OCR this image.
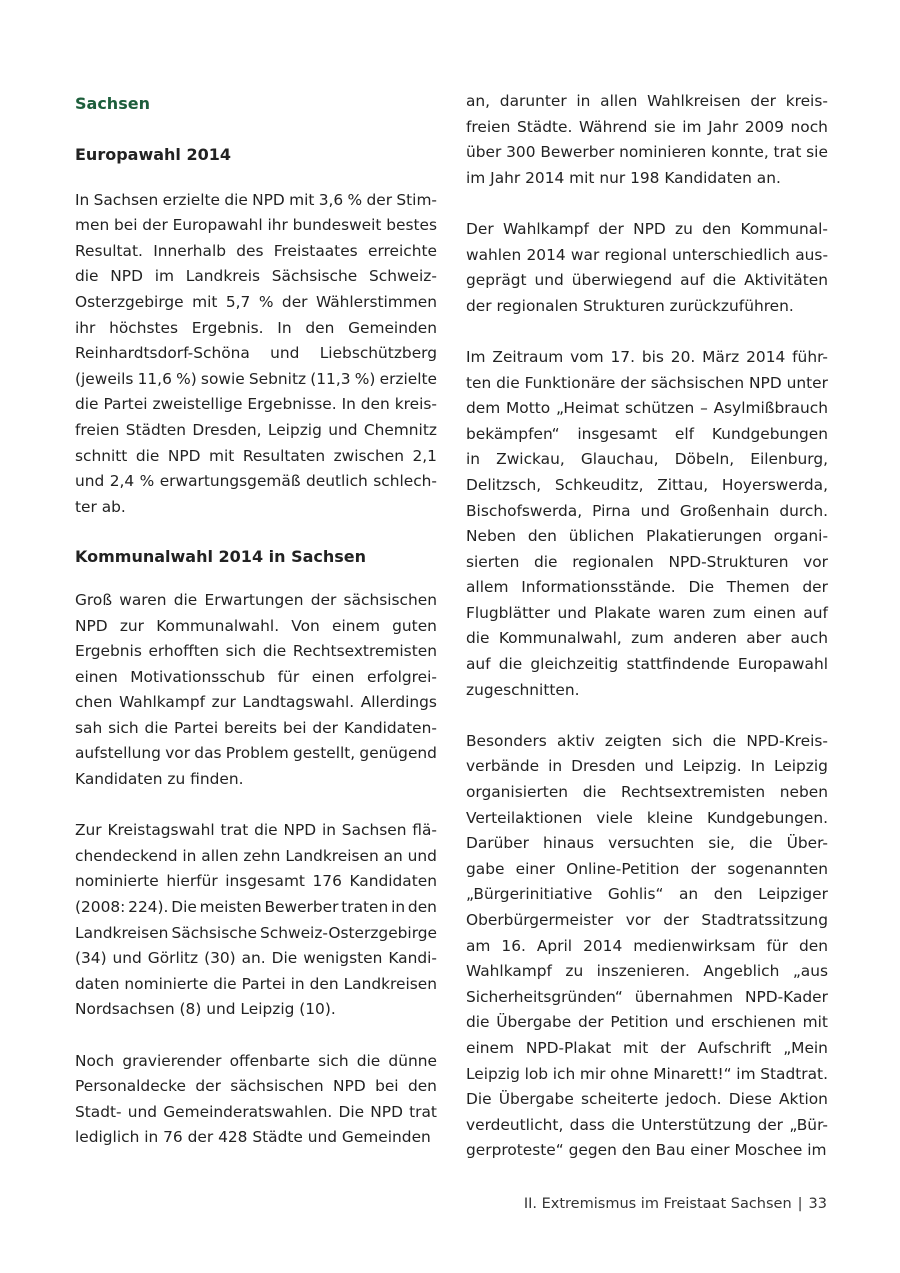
Sachsen
Europawahl 2014
In Sachsen erzielte die NPD mit 3,6 % der Stim-
men bei der Europawahl ihr bundesweit bestes
Resultat. Innerhalb des Freistaates erreichte
die NPD im Landkreis Sächsische Schweiz-
Osterzgebirge mit 5,7 % der Wählerstimmen
ihr höchstes Ergebnis. In den Gemeinden
Reinhardtsdorf-Schöna und Liebschützberg
(jeweils 11,6 %) sowie Sebnitz (11,3 %) erzielte
die Partei zweistellige Ergebnisse. In den kreis-
freien Städten Dresden, Leipzig und Chemnitz
schnitt die NPD mit Resultaten zwischen 2,1
und 2,4 % erwartungsgemäß deutlich schlech-
ter ab.
Kommunalwahl 2014 in Sachsen
Groß waren die Erwartungen der sächsischen
NPD zur Kommunalwahl. Von einem guten
Ergebnis erhofften sich die Rechtsextremisten
einen Motivationsschub für einen erfolgrei-
chen Wahlkampf zur Landtagswahl. Allerdings
sah sich die Partei bereits bei der Kandidaten-
aufstellung vor das Problem gestellt, genügend
Kandidaten zu finden.
Zur Kreistagswahl trat die NPD in Sachsen flä-
chendeckend in allen zehn Landkreisen an und
nominierte hierfür insgesamt 176 Kandidaten
(2008: 224). Die meisten Bewerber traten in den
Landkreisen Sächsische Schweiz-Osterzgebirge
(34) und Görlitz (30) an. Die wenigsten Kandi-
daten nominierte die Partei in den Landkreisen
Nordsachsen (8) und Leipzig (10).
Noch gravierender offenbarte sich die dünne
Personaldecke der sächsischen NPD bei den
Stadt- und Gemeinderatswahlen. Die NPD trat
lediglich in 76 der 428 Städte und Gemeinden
an, darunter in allen Wahlkreisen der kreis-
freien Städte. Während sie im Jahr 2009 noch
über 300 Bewerber nominieren konnte, trat sie
im Jahr 2014 mit nur 198 Kandidaten an.
Der Wahlkampf der NPD zu den Kommunal-
wahlen 2014 war regional unterschiedlich aus-
geprägt und überwiegend auf die Aktivitäten
der regionalen Strukturen zurückzuführen.
Im Zeitraum vom 17. bis 20. März 2014 führ-
ten die Funktionäre der sächsischen NPD unter
dem Motto „Heimat schützen – Asylmißbrauch
bekämpfen“ insgesamt elf Kundgebungen
in Zwickau, Glauchau, Döbeln, Eilenburg,
Delitzsch, Schkeuditz, Zittau, Hoyerswerda,
Bischofswerda, Pirna und Großenhain durch.
Neben den üblichen Plakatierungen organi-
sierten die regionalen NPD-Strukturen vor
allem Informationsstände. Die Themen der
Flugblätter und Plakate waren zum einen auf
die Kommunalwahl, zum anderen aber auch
auf die gleichzeitig stattfindende Europawahl
zugeschnitten.
Besonders aktiv zeigten sich die NPD-Kreis-
verbände in Dresden und Leipzig. In Leipzig
organisierten die Rechtsextremisten neben
Verteilaktionen viele kleine Kundgebungen.
Darüber hinaus versuchten sie, die Über-
gabe einer Online-Petition der sogenannten
„Bürgerinitiative Gohlis“ an den Leipziger
Oberbürgermeister vor der Stadtratssitzung
am 16. April 2014 medienwirksam für den
Wahlkampf zu inszenieren. Angeblich „aus
Sicherheitsgründen“ übernahmen NPD-Kader
die Übergabe der Petition und erschienen mit
einem NPD-Plakat mit der Aufschrift „Mein
Leipzig lob ich mir ohne Minarett!“ im Stadtrat.
Die Übergabe scheiterte jedoch. Diese Aktion
verdeutlicht, dass die Unterstützung der „Bür-
gerproteste“ gegen den Bau einer Moschee im
II. Extremismus im Freistaat Sachsen | 33
